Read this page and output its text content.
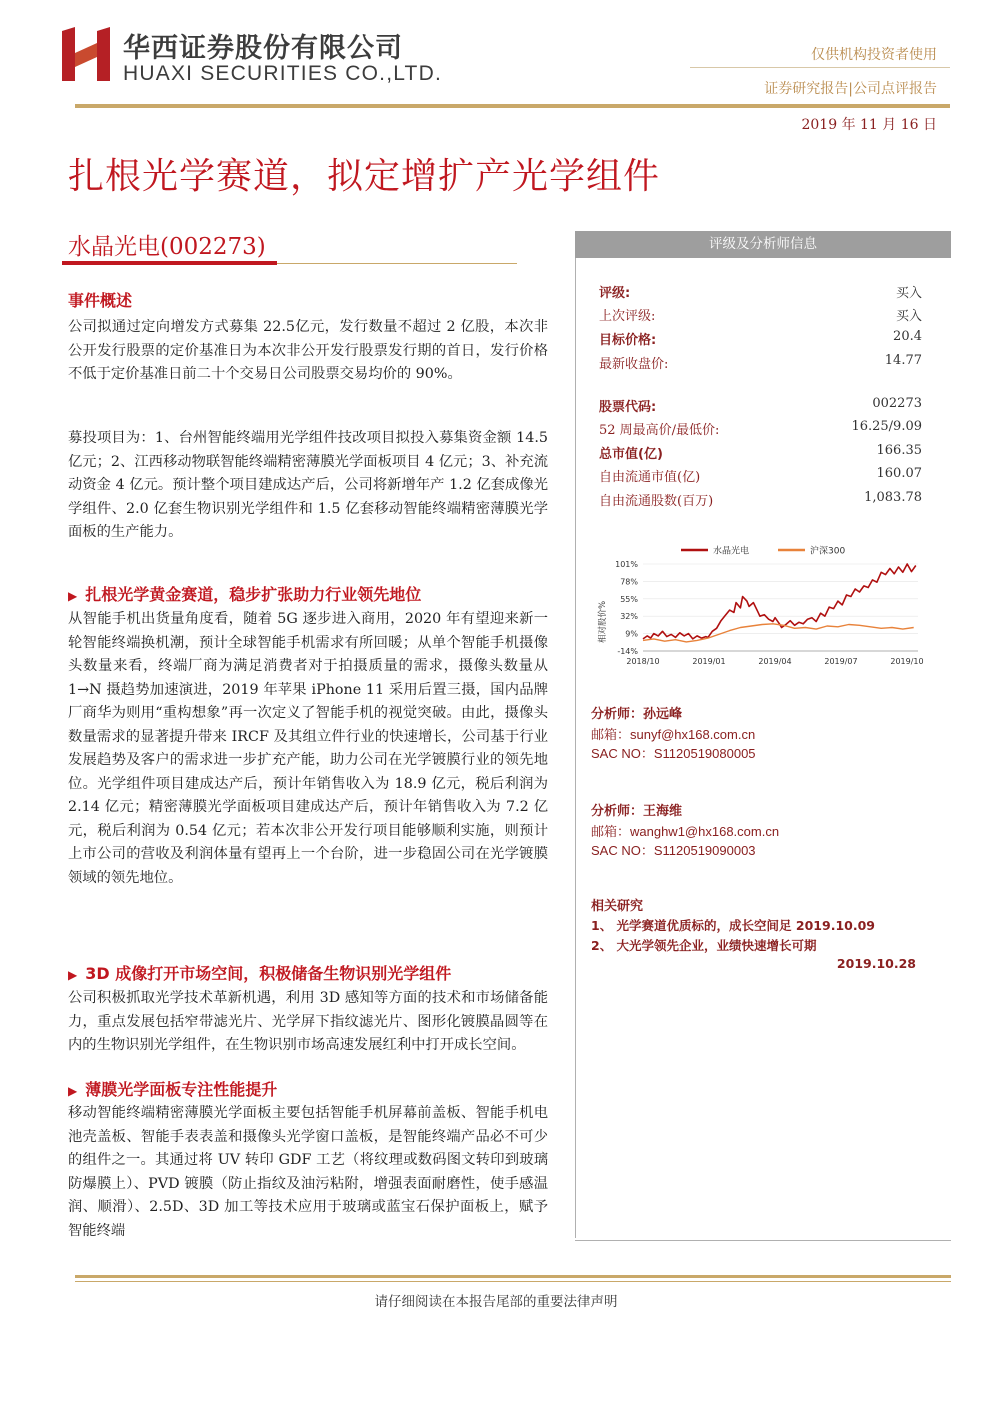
华西证券股份有限公司
HUAXI SECURITIES CO.,LTD.
仅供机构投资者使用
证券研究报告|公司点评报告
2019 年 11 月 16 日
扎根光学赛道，拟定增扩产光学组件
水晶光电(002273)
事件概述
公司拟通过定向增发方式募集 22.5亿元，发行数量不超过 2 亿股，本次非公开发行股票的定价基准日为本次非公开发行股票发行期的首日，发行价格不低于定价基准日前二十个交易日公司股票交易均价的 90%。
募投项目为：1、台州智能终端用光学组件技改项目拟投入募集资金额 14.5 亿元；2、江西移动物联智能终端精密薄膜光学面板项目 4 亿元；3、补充流动资金 4 亿元。预计整个项目建成达产后，公司将新增年产 1.2 亿套成像光学组件、2.0 亿套生物识别光学组件和 1.5 亿套移动智能终端精密薄膜光学面板的生产能力。
▶ 扎根光学黄金赛道，稳步扩张助力行业领先地位
从智能手机出货量角度看，随着 5G 逐步进入商用，2020 年有望迎来新一轮智能终端换机潮，预计全球智能手机需求有所回暖；从单个智能手机摄像头数量来看，终端厂商为满足消费者对于拍摄质量的需求，摄像头数量从 1→N 摄趋势加速演进，2019 年苹果 iPhone 11 采用后置三摄，国内品牌厂商华为则用“重构想象”再一次定义了智能手机的视觉突破。由此，摄像头数量需求的显著提升带来 IRCF 及其组立件行业的快速增长，公司基于行业发展趋势及客户的需求进一步扩充产能，助力公司在光学镀膜行业的领先地位。光学组件项目建成达产后，预计年销售收入为 18.9 亿元，税后利润为 2.14 亿元；精密薄膜光学面板项目建成达产后，预计年销售收入为 7.2 亿元，税后利润为 0.54 亿元；若本次非公开发行项目能够顺利实施，则预计上市公司的营收及利润体量有望再上一个台阶，进一步稳固公司在光学镀膜领域的领先地位。
▶ 3D 成像打开市场空间，积极储备生物识别光学组件
公司积极抓取光学技术革新机遇，利用 3D 感知等方面的技术和市场储备能力，重点发展包括窄带滤光片、光学屏下指纹滤光片、图形化镀膜晶圆等在内的生物识别光学组件，在生物识别市场高速发展红利中打开成长空间。
▶ 薄膜光学面板专注性能提升
移动智能终端精密薄膜光学面板主要包括智能手机屏幕前盖板、智能手机电池壳盖板、智能手表表盖和摄像头光学窗口盖板，是智能终端产品必不可少的组件之一。其通过将 UV 转印 GDF 工艺（将纹理或数码图文转印到玻璃防爆膜上）、PVD 镀膜（防止指纹及油污粘附，增强表面耐磨性，使手感温润、顺滑）、2.5D、3D 加工等技术应用于玻璃或蓝宝石保护面板上，赋予智能终端
评级及分析师信息
评级:	买入
上次评级:	买入
目标价格:	20.4
最新收盘价:	14.77
股票代码:	002273
52 周最高价/最低价:	16.25/9.09
总市值(亿)	166.35
自由流通市值(亿)	160.07
自由流通股数(百万)	1,083.78
水晶光电	沪深300
相对股价%
101%
78%
55%
32%
9%
-14%
2018/10	2019/01	2019/04	2019/07	2019/10
分析师：孙远峰
邮箱：sunyf@hx168.com.cn
SAC NO：S1120519080005
分析师：王海维
邮箱：wanghw1@hx168.com.cn
SAC NO：S1120519090003
相关研究
1、 光学赛道优质标的，成长空间足 2019.10.09
2、 大光学领先企业，业绩快速增长可期
2019.10.28
请仔细阅读在本报告尾部的重要法律声明
